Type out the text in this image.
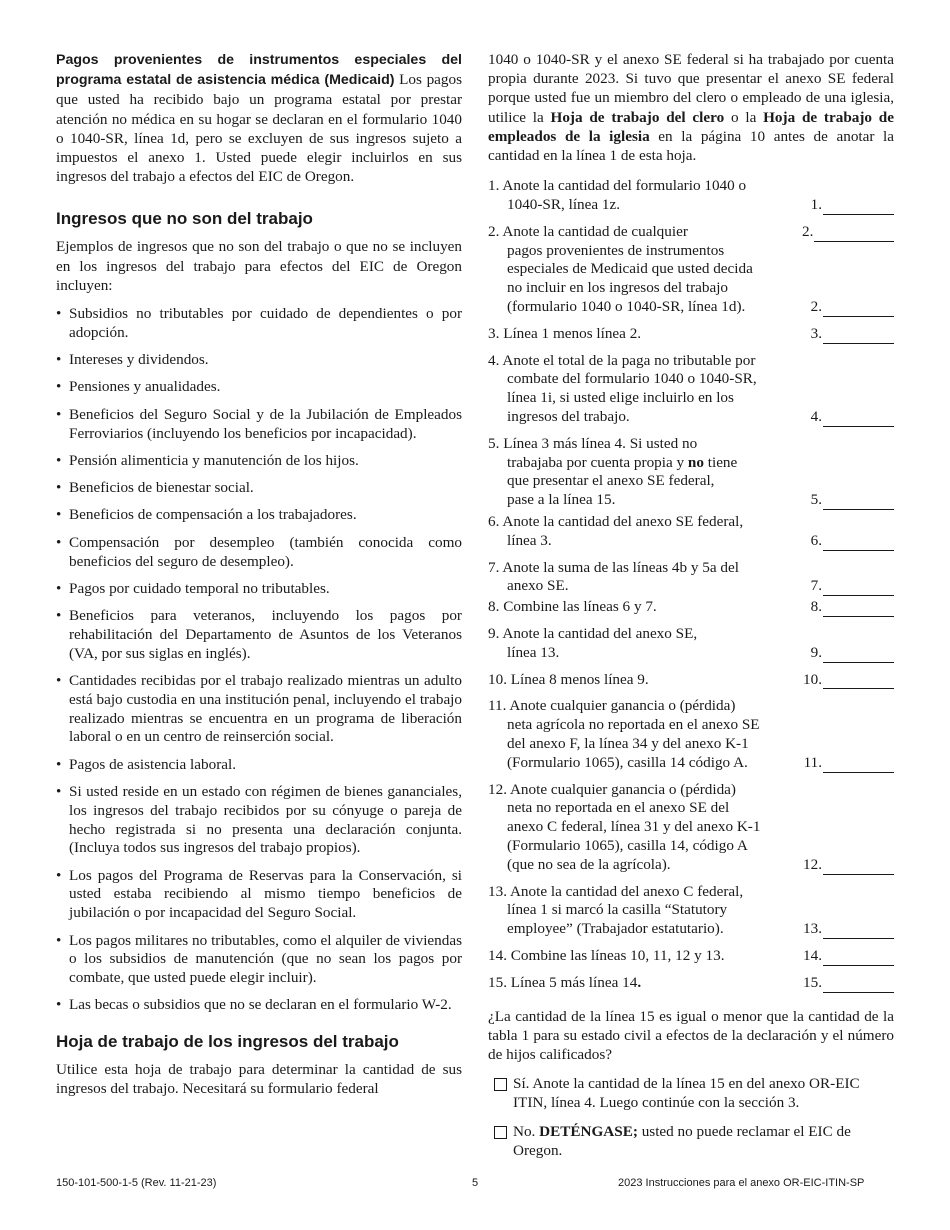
Pagos provenientes de instrumentos especiales del programa estatal de asistencia médica (Medicaid) Los pagos que usted ha recibido bajo un programa estatal por prestar atención no médica en su hogar se declaran en el formulario 1040 o 1040-SR, línea 1d, pero se excluyen de sus ingresos sujeto a impuestos el anexo 1. Usted puede elegir incluirlos en sus ingresos del trabajo a efectos del EIC de Oregon.

Ingresos que no son del trabajo

Ejemplos de ingresos que no son del trabajo o que no se incluyen en los ingresos del trabajo para efectos del EIC de Oregon incluyen:

• Subsidios no tributables por cuidado de dependientes o por adopción.
• Intereses y dividendos.
• Pensiones y anualidades.
• Beneficios del Seguro Social y de la Jubilación de Empleados Ferroviarios (incluyendo los beneficios por incapacidad).
• Pensión alimenticia y manutención de los hijos.
• Beneficios de bienestar social.
• Beneficios de compensación a los trabajadores.
• Compensación por desempleo (también conocida como beneficios del seguro de desempleo).
• Pagos por cuidado temporal no tributables.
• Beneficios para veteranos, incluyendo los pagos por rehabilitación del Departamento de Asuntos de los Veteranos (VA, por sus siglas en inglés).
• Cantidades recibidas por el trabajo realizado mientras un adulto está bajo custodia en una institución penal, incluyendo el trabajo realizado mientras se encuentra en un programa de liberación laboral o en un centro de reinserción social.
• Pagos de asistencia laboral.
• Si usted reside en un estado con régimen de bienes gananciales, los ingresos del trabajo recibidos por su cónyuge o pareja de hecho registrada si no presenta una declaración conjunta. (Incluya todos sus ingresos del trabajo propios).
• Los pagos del Programa de Reservas para la Conservación, si usted estaba recibiendo al mismo tiempo beneficios de jubilación o por incapacidad del Seguro Social.
• Los pagos militares no tributables, como el alquiler de viviendas o los subsidios de manutención (que no sean los pagos por combate, que usted puede elegir incluir).
• Las becas o subsidios que no se declaran en el formulario W-2.
Hoja de trabajo de los ingresos del trabajo

Utilice esta hoja de trabajo para determinar la cantidad de sus ingresos del trabajo. Necesitará su formulario federal

1040 o 1040-SR y el anexo SE federal si ha trabajado por cuenta propia durante 2023. Si tuvo que presentar el anexo SE federal porque usted fue un miembro del clero o empleado de una iglesia, utilice la Hoja de trabajo del clero o la Hoja de trabajo de empleados de la iglesia en la página 10 antes de anotar la cantidad en la línea 1 de esta hoja.

1. Anote la cantidad del formulario 1040 o
1040-SR, línea 1z.	1.
2. Anote la cantidad de cualquier
pagos provenientes de instrumentos
especiales de Medicaid que usted decida
no incluir en los ingresos del trabajo
(formulario 1040 o 1040-SR, línea 1d).	2.
2.
3. Línea 1 menos línea 2.	3.
4. Anote el total de la paga no tributable por
combate del formulario 1040 o 1040-SR,
línea 1i, si usted elige incluirlo en los
ingresos del trabajo.	4.
5. Línea 3 más línea 4. Si usted no
trabajaba por cuenta propia y no tiene
que presentar el anexo SE federal,
pase a la línea 15.	5.
6. Anote la cantidad del anexo SE federal,
línea 3.	6.
7. Anote la suma de las líneas 4b y 5a del
anexo SE.	7.
8. Combine las líneas 6 y 7.	8.
9. Anote la cantidad del anexo SE,
línea 13.	9.
10. Línea 8 menos línea 9.	10.
11. Anote cualquier ganancia o (pérdida)
neta agrícola no reportada en el anexo SE
del anexo F, la línea 34 y del anexo K-1
(Formulario 1065), casilla 14 código A.	11.
12. Anote cualquier ganancia o (pérdida)
neta no reportada en el anexo SE del
anexo C federal, línea 31 y del anexo K-1
(Formulario 1065), casilla 14, código A
(que no sea de la agrícola).	12.
13. Anote la cantidad del anexo C federal,
línea 1 si marcó la casilla “Statutory
employee” (Trabajador estatutario).	13.
14. Combine las líneas 10, 11, 12 y 13.	14.
15. Línea 5 más línea 14.	15.

¿La cantidad de la línea 15 es igual o menor que la cantidad de la tabla 1 para su estado civil a efectos de la declaración y el número de hijos calificados?

Sí. Anote la cantidad de la línea 15 en del anexo OR-EIC ITIN, línea 4. Luego continúe con la sección 3.
No. DETÉNGASE; usted no puede reclamar el EIC de Oregon.
150-101-500-1-5 (Rev. 11-21-23)	5	2023 Instrucciones para el anexo OR-EIC-ITIN-SP
